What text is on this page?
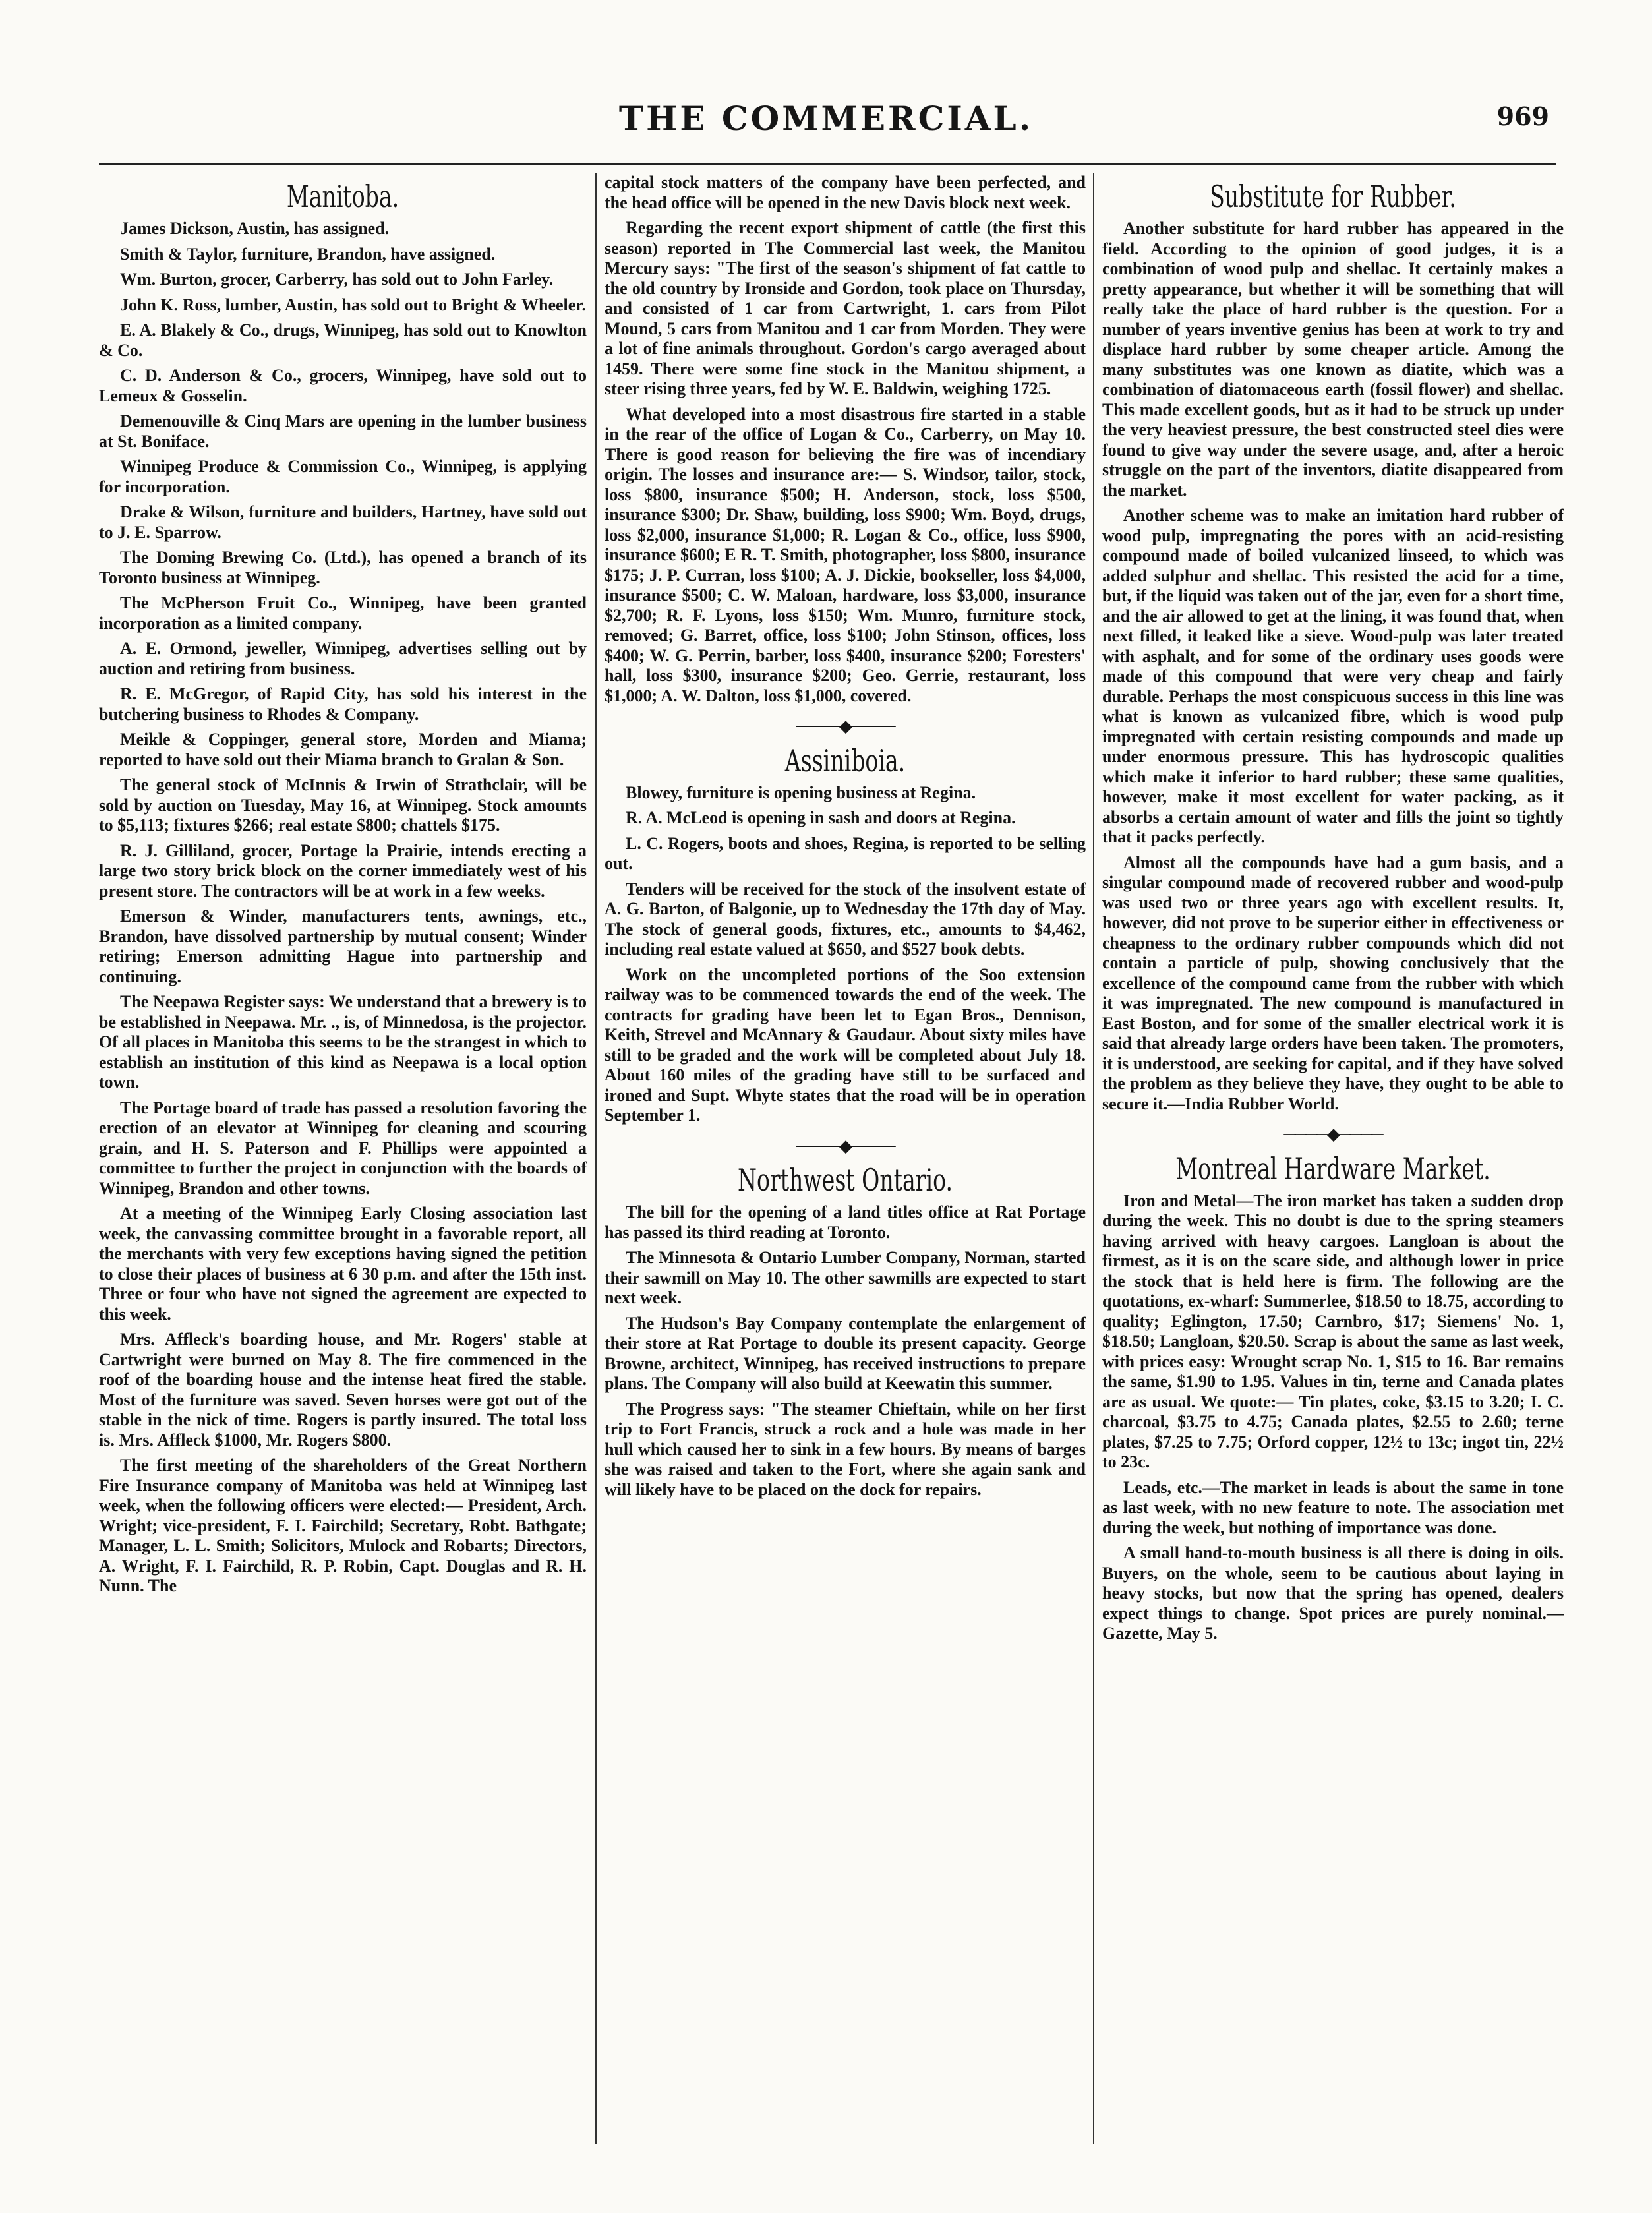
THE COMMERCIAL.	969
Manitoba.

James Dickson, Austin, has assigned.

Smith & Taylor, furniture, Brandon, have assigned.

Wm. Burton, grocer, Carberry, has sold out to John Farley.

John K. Ross, lumber, Austin, has sold out to Bright & Wheeler.

E. A. Blakely & Co., drugs, Winnipeg, has sold out to Knowlton & Co.

C. D. Anderson & Co., grocers, Winnipeg, have sold out to Lemeux & Gosselin.

Demenouville & Cinq Mars are opening in the lumber business at St. Boniface.

Winnipeg Produce & Commission Co., Winnipeg, is applying for incorporation.

Drake & Wilson, furniture and builders, Hartney, have sold out to J. E. Sparrow.

The Doming Brewing Co. (Ltd.), has opened a branch of its Toronto business at Winnipeg.

The McPherson Fruit Co., Winnipeg, have been granted incorporation as a limited company.

A. E. Ormond, jeweller, Winnipeg, advertises selling out by auction and retiring from business.

R. E. McGregor, of Rapid City, has sold his interest in the butchering business to Rhodes & Company.

Meikle & Coppinger, general store, Morden and Miama; reported to have sold out their Miama branch to Gralan & Son.

The general stock of McInnis & Irwin of Strathclair, will be sold by auction on Tuesday, May 16, at Winnipeg. Stock amounts to $5,113; fixtures $266; real estate $800; chattels $175.

R. J. Gilliland, grocer, Portage la Prairie, intends erecting a large two story brick block on the corner immediately west of his present store. The contractors will be at work in a few weeks.

Emerson & Winder, manufacturers tents, awnings, etc., Brandon, have dissolved partnership by mutual consent; Winder retiring; Emerson admitting Hague into partnership and continuing.

The Neepawa Register says: We understand that a brewery is to be established in Neepawa. Mr. ., is, of Minnedosa, is the projector. Of all places in Manitoba this seems to be the strangest in which to establish an institution of this kind as Neepawa is a local option town.

The Portage board of trade has passed a resolution favoring the erection of an elevator at Winnipeg for cleaning and scouring grain, and H. S. Paterson and F. Phillips were appointed a committee to further the project in conjunction with the boards of Winnipeg, Brandon and other towns.

At a meeting of the Winnipeg Early Closing association last week, the canvassing committee brought in a favorable report, all the merchants with very few exceptions having signed the petition to close their places of business at 6 30 p.m. and after the 15th inst. Three or four who have not signed the agreement are expected to this week.

Mrs. Affleck's boarding house, and Mr. Rogers' stable at Cartwright were burned on May 8. The fire commenced in the roof of the boarding house and the intense heat fired the stable. Most of the furniture was saved. Seven horses were got out of the stable in the nick of time. Rogers is partly insured. The total loss is. Mrs. Affleck $1000, Mr. Rogers $800.

The first meeting of the shareholders of the Great Northern Fire Insurance company of Manitoba was held at Winnipeg last week, when the following officers were elected:— President, Arch. Wright; vice-president, F. I. Fairchild; Secretary, Robt. Bathgate; Manager, L. L. Smith; Solicitors, Mulock and Robarts; Directors, A. Wright, F. I. Fairchild, R. P. Robin, Capt. Douglas and R. H. Nunn. The

capital stock matters of the company have been perfected, and the head office will be opened in the new Davis block next week.

Regarding the recent export shipment of cattle (the first this season) reported in The Commercial last week, the Manitou Mercury says: "The first of the season's shipment of fat cattle to the old country by Ironside and Gordon, took place on Thursday, and consisted of 1 car from Cartwright, 1. cars from Pilot Mound, 5 cars from Manitou and 1 car from Morden. They were a lot of fine animals throughout. Gordon's cargo averaged about 1459. There were some fine stock in the Manitou shipment, a steer rising three years, fed by W. E. Baldwin, weighing 1725.

What developed into a most disastrous fire started in a stable in the rear of the office of Logan & Co., Carberry, on May 10. There is good reason for believing the fire was of incendiary origin. The losses and insurance are:— S. Windsor, tailor, stock, loss $800, insurance $500; H. Anderson, stock, loss $500, insurance $300; Dr. Shaw, building, loss $900; Wm. Boyd, drugs, loss $2,000, insurance $1,000; R. Logan & Co., office, loss $900, insurance $600; E R. T. Smith, photographer, loss $800, insurance $175; J. P. Curran, loss $100; A. J. Dickie, bookseller, loss $4,000, insurance $500; C. W. Maloan, hardware, loss $3,000, insurance $2,700; R. F. Lyons, loss $150; Wm. Munro, furniture stock, removed; G. Barret, office, loss $100; John Stinson, offices, loss $400; W. G. Perrin, barber, loss $400, insurance $200; Foresters' hall, loss $300, insurance $200; Geo. Gerrie, restaurant, loss $1,000; A. W. Dalton, loss $1,000, covered.

────◆────
Assiniboia.

Blowey, furniture is opening business at Regina.

R. A. McLeod is opening in sash and doors at Regina.

L. C. Rogers, boots and shoes, Regina, is reported to be selling out.

Tenders will be received for the stock of the insolvent estate of A. G. Barton, of Balgonie, up to Wednesday the 17th day of May. The stock of general goods, fixtures, etc., amounts to $4,462, including real estate valued at $650, and $527 book debts.

Work on the uncompleted portions of the Soo extension railway was to be commenced towards the end of the week. The contracts for grading have been let to Egan Bros., Dennison, Keith, Strevel and McAnnary & Gaudaur. About sixty miles have still to be graded and the work will be completed about July 18. About 160 miles of the grading have still to be surfaced and ironed and Supt. Whyte states that the road will be in operation September 1.

────◆────
Northwest Ontario.

The bill for the opening of a land titles office at Rat Portage has passed its third reading at Toronto.

The Minnesota & Ontario Lumber Company, Norman, started their sawmill on May 10. The other sawmills are expected to start next week.

The Hudson's Bay Company contemplate the enlargement of their store at Rat Portage to double its present capacity. George Browne, architect, Winnipeg, has received instructions to prepare plans. The Company will also build at Keewatin this summer.

The Progress says: "The steamer Chieftain, while on her first trip to Fort Francis, struck a rock and a hole was made in her hull which caused her to sink in a few hours. By means of barges she was raised and taken to the Fort, where she again sank and will likely have to be placed on the dock for repairs.

Substitute for Rubber.

Another substitute for hard rubber has appeared in the field. According to the opinion of good judges, it is a combination of wood pulp and shellac. It certainly makes a pretty appearance, but whether it will be something that will really take the place of hard rubber is the question. For a number of years inventive genius has been at work to try and displace hard rubber by some cheaper article. Among the many substitutes was one known as diatite, which was a combination of diatomaceous earth (fossil flower) and shellac. This made excellent goods, but as it had to be struck up under the very heaviest pressure, the best constructed steel dies were found to give way under the severe usage, and, after a heroic struggle on the part of the inventors, diatite disappeared from the market.

Another scheme was to make an imitation hard rubber of wood pulp, impregnating the pores with an acid-resisting compound made of boiled vulcanized linseed, to which was added sulphur and shellac. This resisted the acid for a time, but, if the liquid was taken out of the jar, even for a short time, and the air allowed to get at the lining, it was found that, when next filled, it leaked like a sieve. Wood-pulp was later treated with asphalt, and for some of the ordinary uses goods were made of this compound that were very cheap and fairly durable. Perhaps the most conspicuous success in this line was what is known as vulcanized fibre, which is wood pulp impregnated with certain resisting compounds and made up under enormous pressure. This has hydroscopic qualities which make it inferior to hard rubber; these same qualities, however, make it most excellent for water packing, as it absorbs a certain amount of water and fills the joint so tightly that it packs perfectly.

Almost all the compounds have had a gum basis, and a singular compound made of recovered rubber and wood-pulp was used two or three years ago with excellent results. It, however, did not prove to be superior either in effectiveness or cheapness to the ordinary rubber compounds which did not contain a particle of pulp, showing conclusively that the excellence of the compound came from the rubber with which it was impregnated. The new compound is manufactured in East Boston, and for some of the smaller electrical work it is said that already large orders have been taken. The promoters, it is understood, are seeking for capital, and if they have solved the problem as they believe they have, they ought to be able to secure it.—India Rubber World.

────◆────
Montreal Hardware Market.

Iron and Metal—The iron market has taken a sudden drop during the week. This no doubt is due to the spring steamers having arrived with heavy cargoes. Langloan is about the firmest, as it is on the scare side, and although lower in price the stock that is held here is firm. The following are the quotations, ex-wharf: Summerlee, $18.50 to 18.75, according to quality; Eglington, 17.50; Carnbro, $17; Siemens' No. 1, $18.50; Langloan, $20.50. Scrap is about the same as last week, with prices easy: Wrought scrap No. 1, $15 to 16. Bar remains the same, $1.90 to 1.95. Values in tin, terne and Canada plates are as usual. We quote:— Tin plates, coke, $3.15 to 3.20; I. C. charcoal, $3.75 to 4.75; Canada plates, $2.55 to 2.60; terne plates, $7.25 to 7.75; Orford copper, 12½ to 13c; ingot tin, 22½ to 23c.

Leads, etc.—The market in leads is about the same in tone as last week, with no new feature to note. The association met during the week, but nothing of importance was done.

A small hand-to-mouth business is all there is doing in oils. Buyers, on the whole, seem to be cautious about laying in heavy stocks, but now that the spring has opened, dealers expect things to change. Spot prices are purely nominal.—Gazette, May 5.
